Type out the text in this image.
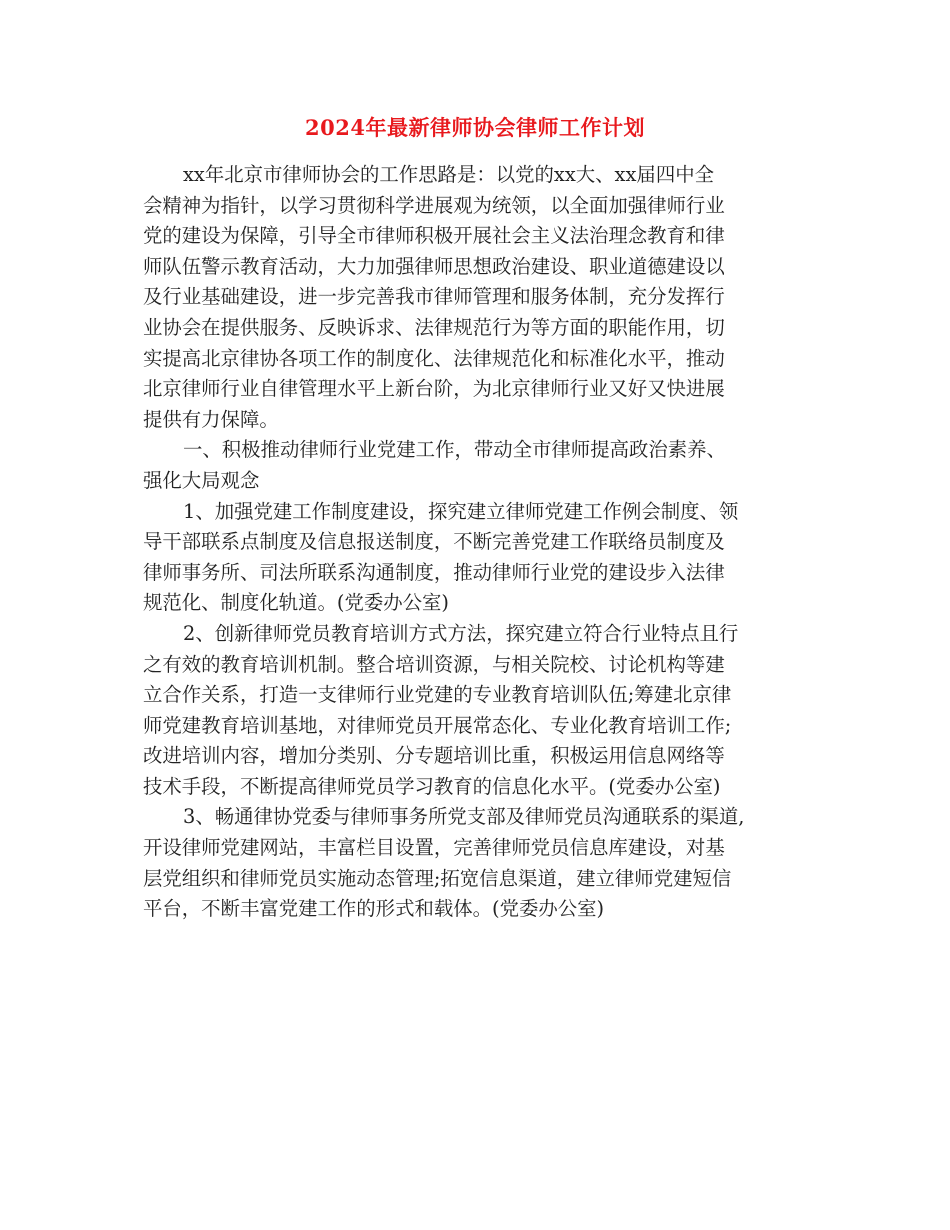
2024年最新律师协会律师工作计划
xx年北京市律师协会的工作思路是：以党的xx大、xx届四中全
会精神为指针，以学习贯彻科学进展观为统领，以全面加强律师行业
党的建设为保障，引导全市律师积极开展社会主义法治理念教育和律
师队伍警示教育活动，大力加强律师思想政治建设、职业道德建设以
及行业基础建设，进一步完善我市律师管理和服务体制，充分发挥行
业协会在提供服务、反映诉求、法律规范行为等方面的职能作用，切
实提高北京律协各项工作的制度化、法律规范化和标准化水平，推动
北京律师行业自律管理水平上新台阶，为北京律师行业又好又快进展
提供有力保障。
一、积极推动律师行业党建工作，带动全市律师提高政治素养、
强化大局观念
1、加强党建工作制度建设，探究建立律师党建工作例会制度、领
导干部联系点制度及信息报送制度，不断完善党建工作联络员制度及
律师事务所、司法所联系沟通制度，推动律师行业党的建设步入法律
规范化、制度化轨道。(党委办公室)
2、创新律师党员教育培训方式方法，探究建立符合行业特点且行
之有效的教育培训机制。整合培训资源，与相关院校、讨论机构等建
立合作关系，打造一支律师行业党建的专业教育培训队伍;筹建北京律
师党建教育培训基地，对律师党员开展常态化、专业化教育培训工作;
改进培训内容，增加分类别、分专题培训比重，积极运用信息网络等
技术手段，不断提高律师党员学习教育的信息化水平。(党委办公室)
3、畅通律协党委与律师事务所党支部及律师党员沟通联系的渠道,
开设律师党建网站，丰富栏目设置，完善律师党员信息库建设，对基
层党组织和律师党员实施动态管理;拓宽信息渠道，建立律师党建短信
平台，不断丰富党建工作的形式和载体。(党委办公室)
